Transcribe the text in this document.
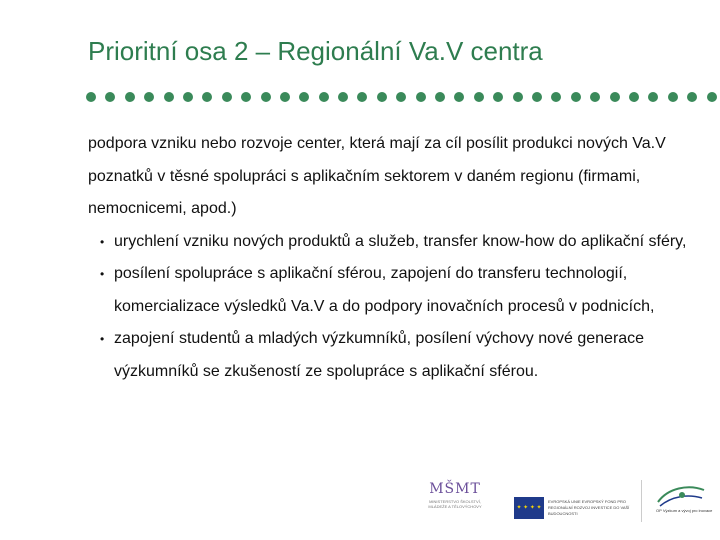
Prioritní osa 2 – Regionální Va.V centra

podpora vzniku nebo rozvoje center, která mají za cíl posílit produkci nových Va.V poznatků v těsné spolupráci s aplikačním sektorem v daném regionu (firmami, nemocnicemi, apod.)

• urychlení vzniku nových produktů a služeb, transfer know-how do aplikační sféry,
• posílení spolupráce s aplikační sférou, zapojení do transferu technologií, komercializace výsledků Va.V a do podpory inovačních procesů v podnicích,
• zapojení studentů a mladých výzkumníků, posílení výchovy nové generace výzkumníků se zkušeností ze spolupráce s aplikační sférou.
MŠMT
MINISTERSTVO ŠKOLSTVÍ, MLÁDEŽE A TĚLOVÝCHOVY	✦ ✦ ✦ ✦
EVROPSKÁ UNIE EVROPSKÝ FOND PRO REGIONÁLNÍ ROZVOJ INVESTICE DO VAŠÍ BUDOUCNOSTI
OP Výzkum a vývoj pro inovace
